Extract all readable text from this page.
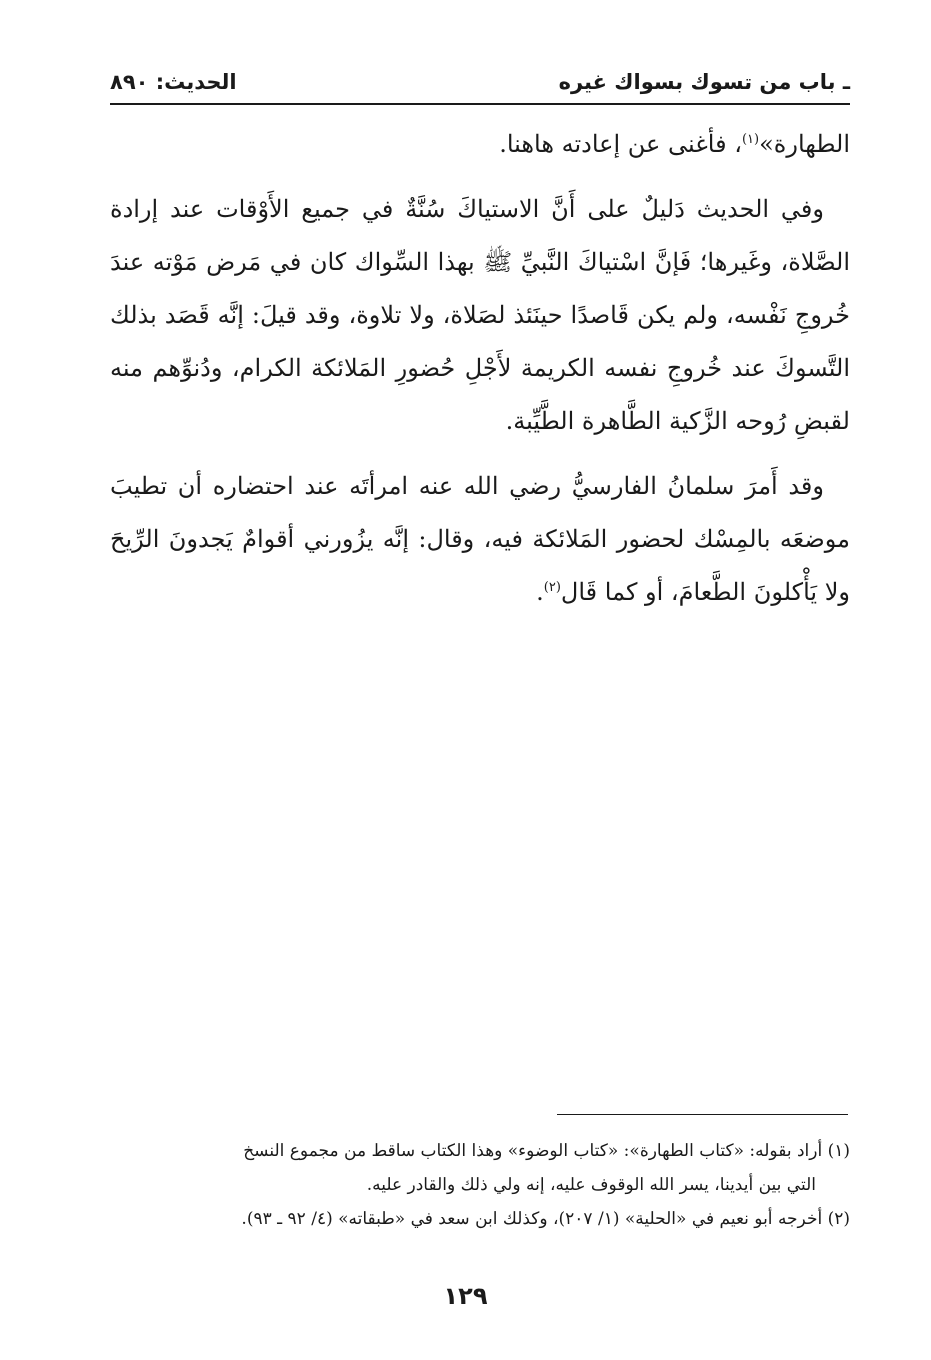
ـ باب من تسوك بسواك غيره
الحديث: ٨٩٠

الطهارة»$^{(١)}$، فأغنى عن إعادته هاهنا.

وفي الحديث دَليلٌ على أَنَّ الاستياكَ سُنَّةٌ في جميع الأَوْقات عند إرادة الصَّلاة، وغَيرها؛ فَإنَّ اسْتياكَ النَّبيِّ ﷺ بهذا السِّواك كان في مَرض مَوْته عندَ خُروجِ نَفْسه، ولم يكن قَاصدًا حينَئذ لصَلاة، ولا تلاوة، وقد قيلَ: إنَّه قَصَد بذلك التَّسوكَ عند خُروجِ نفسه الكريمة لأَجْلِ حُضورِ المَلائكة الكرام، ودُنوِّهم منه لقبضِ رُوحه الزَّكية الطَّاهرة الطَّيِّبة.

وقد أَمرَ سلمانُ الفارسيُّ رضي الله عنه امرأتَه عند احتضاره أن تطيبَ موضعَه بالمِسْك لحضور المَلائكة فيه، وقال: إنَّه يزُورني أقوامٌ يَجدونَ الرِّيحَ ولا يَأْكلونَ الطَّعامَ، أو كما قَال$^{(٢)}$.

(١) أراد بقوله: «كتاب الطهارة»: «كتاب الوضوء» وهذا الكتاب ساقط من مجموع النسخ

التي بين أيدينا، يسر الله الوقوف عليه، إنه ولي ذلك والقادر عليه.

(٢) أخرجه أبو نعيم في «الحلية» (١/ ٢٠٧)، وكذلك ابن سعد في «طبقاته» (٤/ ٩٢ ـ ٩٣).

١٢٩
